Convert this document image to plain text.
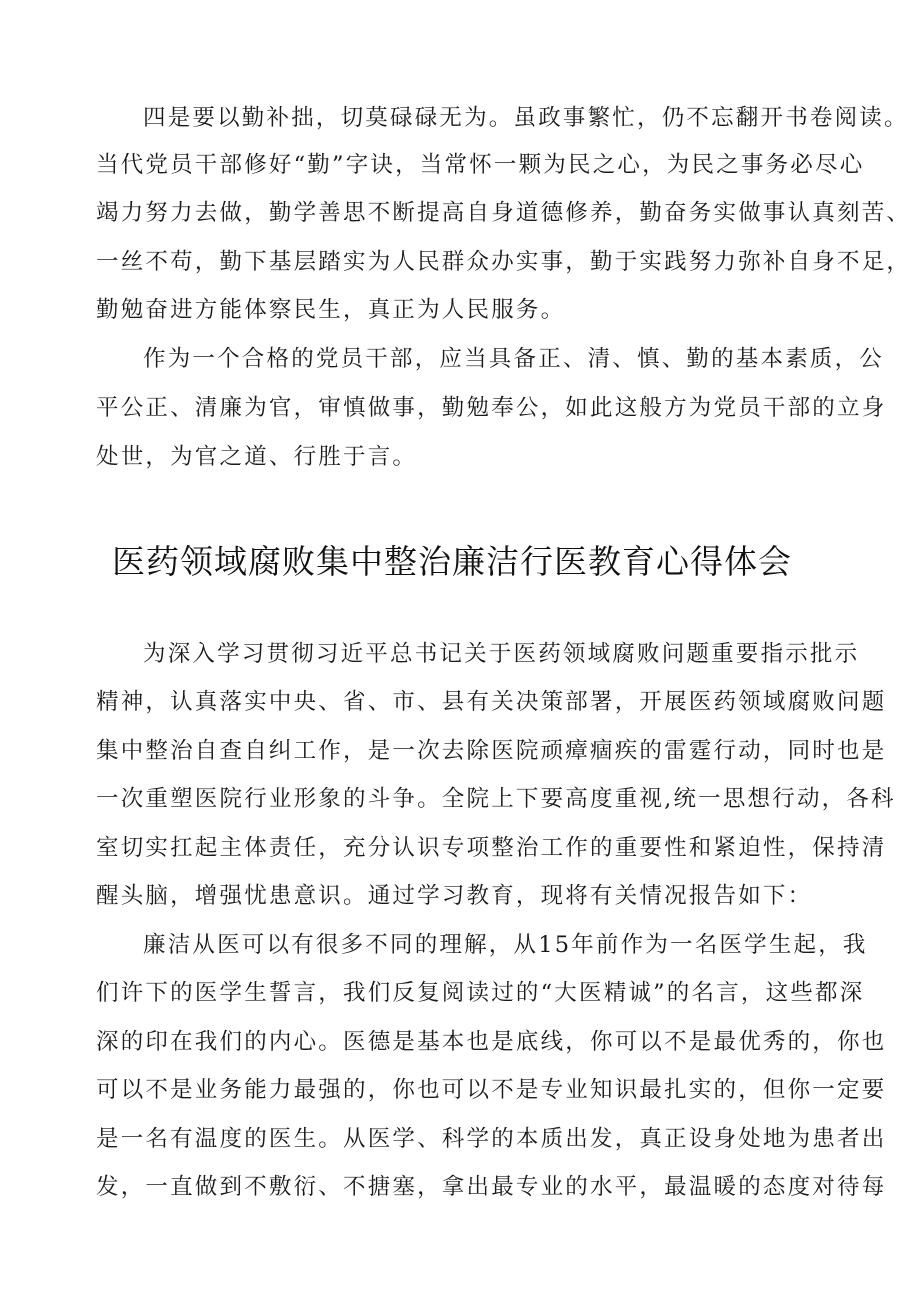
四是要以勤补拙，切莫碌碌无为。虽政事繁忙，仍不忘翻开书卷阅读。
当代党员干部修好“勤”字诀，当常怀一颗为民之心，为民之事务必尽心
竭力努力去做，勤学善思不断提高自身道德修养，勤奋务实做事认真刻苦、
一丝不苟，勤下基层踏实为人民群众办实事，勤于实践努力弥补自身不足，
勤勉奋进方能体察民生，真正为人民服务。
作为一个合格的党员干部，应当具备正、清、慎、勤的基本素质，公
平公正、清廉为官，审慎做事，勤勉奉公，如此这般方为党员干部的立身
处世，为官之道、行胜于言。
医药领域腐败集中整治廉洁行医教育心得体会
为深入学习贯彻习近平总书记关于医药领域腐败问题重要指示批示
精神，认真落实中央、省、市、县有关决策部署，开展医药领域腐败问题
集中整治自查自纠工作，是一次去除医院顽瘴痼疾的雷霆行动，同时也是
一次重塑医院行业形象的斗争。全院上下要高度重视,统一思想行动，各科
室切实扛起主体责任，充分认识专项整治工作的重要性和紧迫性，保持清
醒头脑，增强忧患意识。通过学习教育，现将有关情况报告如下：
廉洁从医可以有很多不同的理解，从15年前作为一名医学生起，我
们许下的医学生誓言，我们反复阅读过的“大医精诚”的名言，这些都深
深的印在我们的内心。医德是基本也是底线，你可以不是最优秀的，你也
可以不是业务能力最强的，你也可以不是专业知识最扎实的，但你一定要
是一名有温度的医生。从医学、科学的本质出发，真正设身处地为患者出
发，一直做到不敷衍、不搪塞，拿出最专业的水平，最温暖的态度对待每
